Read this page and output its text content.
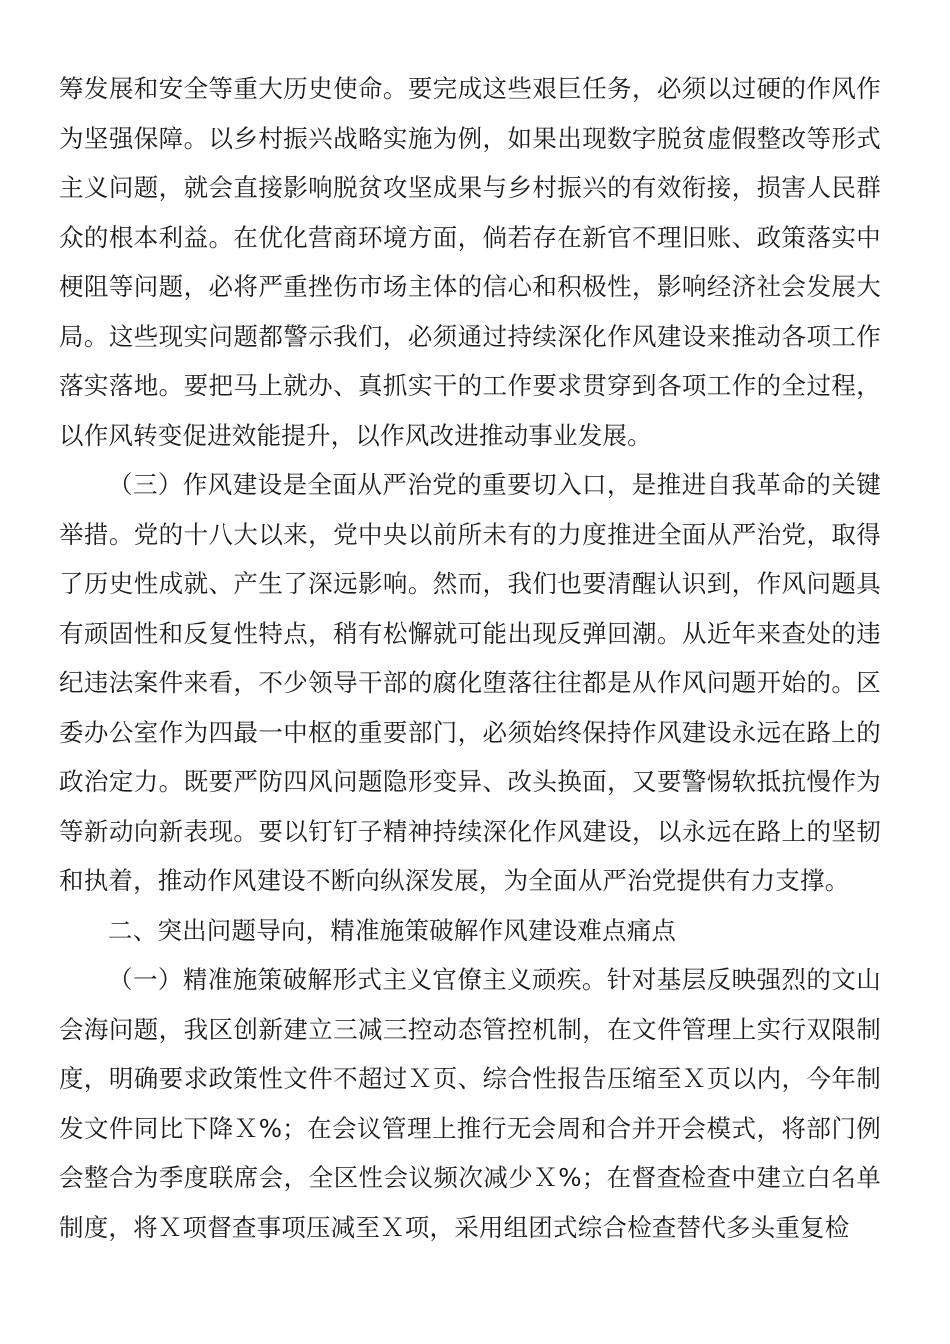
筹发展和安全等重大历史使命。要完成这些艰巨任务，必须以过硬的作风作为坚强保障。以乡村振兴战略实施为例，如果出现数字脱贫虚假整改等形式主义问题，就会直接影响脱贫攻坚成果与乡村振兴的有效衔接，损害人民群众的根本利益。在优化营商环境方面，倘若存在新官不理旧账、政策落实中梗阻等问题，必将严重挫伤市场主体的信心和积极性，影响经济社会发展大局。这些现实问题都警示我们，必须通过持续深化作风建设来推动各项工作落实落地。要把马上就办、真抓实干的工作要求贯穿到各项工作的全过程，以作风转变促进效能提升，以作风改进推动事业发展。

（三）作风建设是全面从严治党的重要切入口，是推进自我革命的关键举措。党的十八大以来，党中央以前所未有的力度推进全面从严治党，取得了历史性成就、产生了深远影响。然而，我们也要清醒认识到，作风问题具有顽固性和反复性特点，稍有松懈就可能出现反弹回潮。从近年来查处的违纪违法案件来看，不少领导干部的腐化堕落往往都是从作风问题开始的。区委办公室作为四最一中枢的重要部门，必须始终保持作风建设永远在路上的政治定力。既要严防四风问题隐形变异、改头换面，又要警惕软抵抗慢作为等新动向新表现。要以钉钉子精神持续深化作风建设，以永远在路上的坚韧和执着，推动作风建设不断向纵深发展，为全面从严治党提供有力支撑。

二、突出问题导向，精准施策破解作风建设难点痛点

（一）精准施策破解形式主义官僚主义顽疾。针对基层反映强烈的文山会海问题，我区创新建立三减三控动态管控机制，在文件管理上实行双限制度，明确要求政策性文件不超过Ｘ页、综合性报告压缩至Ｘ页以内，今年制发文件同比下降Ｘ%；在会议管理上推行无会周和合并开会模式，将部门例会整合为季度联席会，全区性会议频次减少Ｘ%；在督查检查中建立白名单制度，将Ｘ项督查事项压减至Ｘ项，采用组团式综合检查替代多头重复检
